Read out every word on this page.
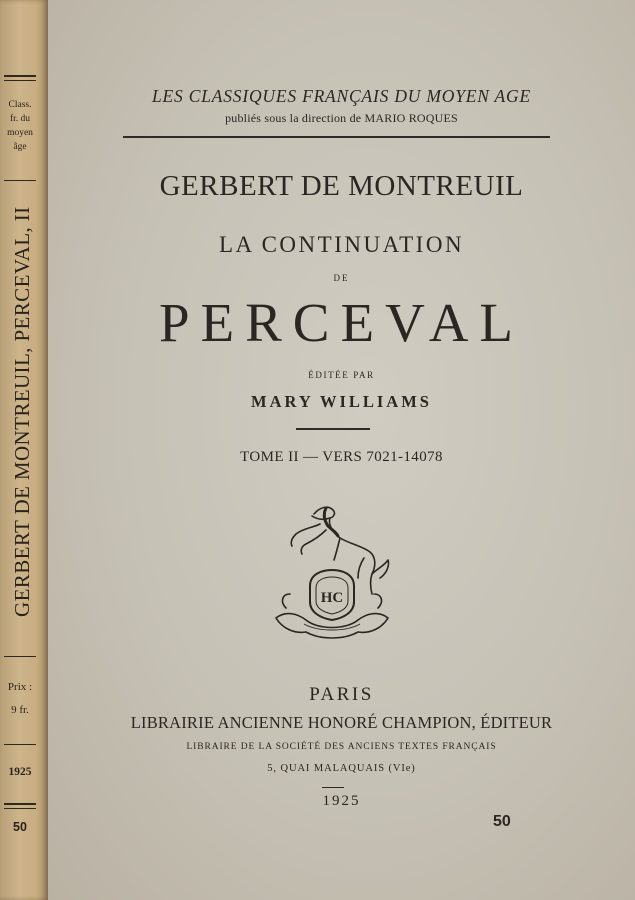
Class.
fr. du
moyen
âge
GERBERT DE MONTREUIL, PERCEVAL, II
Prix :
9 fr.
1925
50
LES CLASSIQUES FRANÇAIS DU MOYEN AGE
publiés sous la direction de MARIO ROQUES
GERBERT DE MONTREUIL
LA CONTINUATION
DE
PERCEVAL
ÉDITÉE PAR
MARY WILLIAMS
TOME II — VERS 7021-14078
HC
PARIS
LIBRAIRIE ANCIENNE HONORÉ CHAMPION, ÉDITEUR
LIBRAIRE DE LA SOCIÉTÉ DES ANCIENS TEXTES FRANÇAIS
5, QUAI MALAQUAIS (VIe)
1925
50
